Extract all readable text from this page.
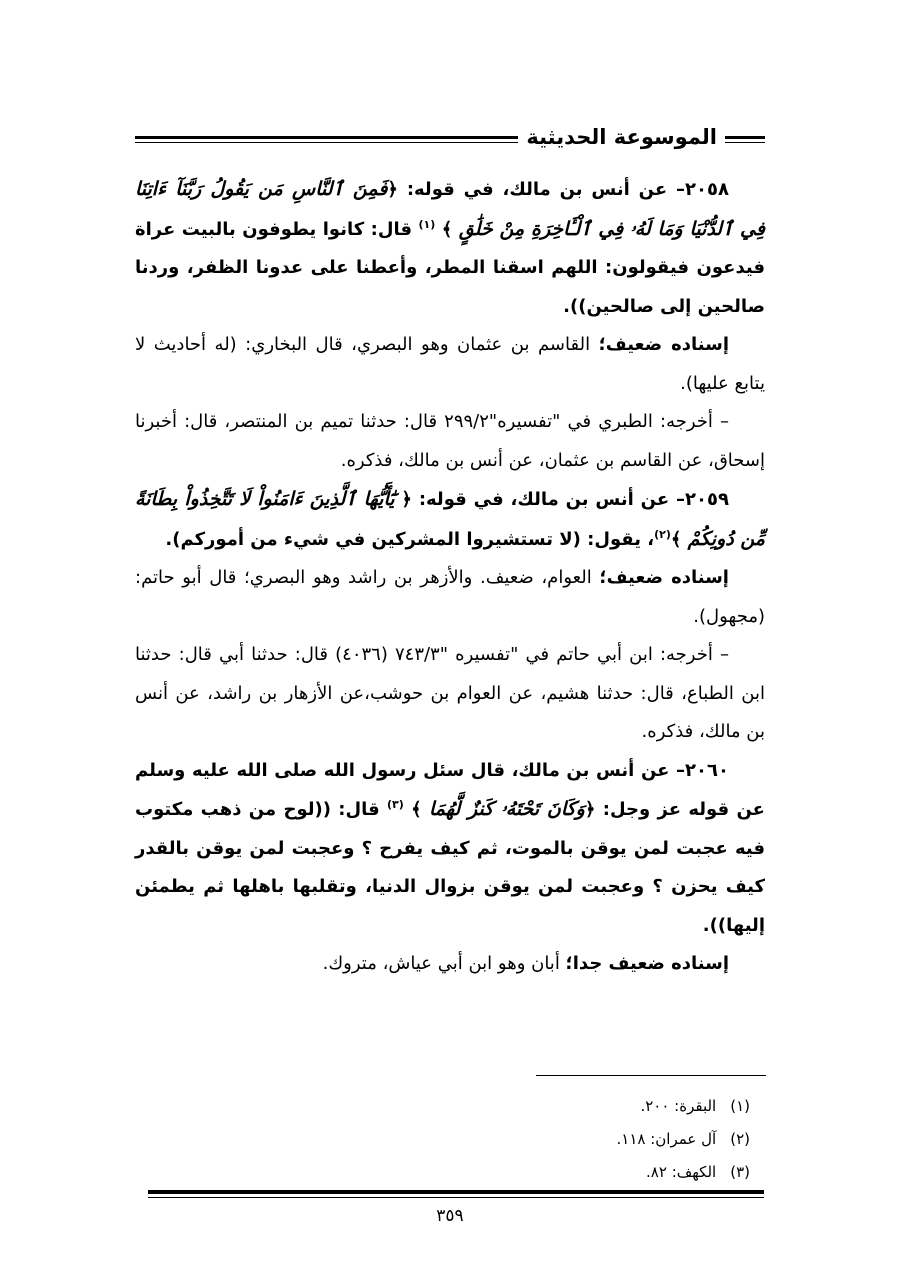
الموسوعة الحديثية

٢٠٥٨– عن أنس بن مالك، في قوله: ﴿فَمِنَ ٱلنَّاسِ مَن يَقُولُ رَبَّنَآ ءَاتِنَا فِي ٱلدُّنْيَا وَمَا لَهُۥ فِي ٱلْـَٔاخِرَةِ مِنْ خَلَٰقٍ ﴾ $^{(١)}$ قال: كانوا يطوفون بالبيت عراة فيدعون فيقولون: اللهم اسقنا المطر، وأعطنا على عدونا الظفر، وردنا صالحين إلى صالحين)).

إسناده ضعيف؛ القاسم بن عثمان وهو البصري، قال البخاري: (له أحاديث لا يتابع عليها).

– أخرجه: الطبري في "تفسيره"٢٩٩/٢ قال: حدثنا تميم بن المنتصر، قال: أخبرنا إسحاق، عن القاسم بن عثمان، عن أنس بن مالك، فذكره.

٢٠٥٩– عن أنس بن مالك، في قوله: ﴿ يَٰٓأَيُّهَا ٱلَّذِينَ ءَامَنُواْ لَا تَتَّخِذُواْ بِطَانَةً مِّن دُونِكُمْ ﴾$^{(٢)}$، يقول: (لا تستشيروا المشركين في شيء من أموركم).

إسناده ضعيف؛ العوام، ضعيف. والأزهر بن راشد وهو البصري؛ قال أبو حاتم: (مجهول).

– أخرجه: ابن أبي حاتم في "تفسيره "٧٤٣/٣ (٤٠٣٦) قال: حدثنا أبي قال: حدثنا ابن الطباع، قال: حدثنا هشيم، عن العوام بن حوشب،عن الأزهار بن راشد، عن أنس بن مالك، فذكره.

٢٠٦٠– عن أنس بن مالك، قال سئل رسول الله صلى الله عليه وسلم عن قوله عز وجل: ﴿وَكَانَ تَحْتَهُۥ كَنزٌ لَّهُمَا ﴾ $^{(٣)}$ قال: ((لوح من ذهب مكتوب فيه عجبت لمن يوقن بالموت، ثم كيف يفرح ؟ وعجبت لمن يوقن بالقدر كيف يحزن ؟ وعجبت لمن يوقن بزوال الدنيا، وتقلبها باهلها ثم يطمئن إليها)).

إسناده ضعيف جدا؛ أبان وهو ابن أبي عياش، متروك.

(١)
البقرة: ٢٠٠.
(٢)
آل عمران: ١١٨.
(٣)
الكهف: ٨٢.
٣٥٩
